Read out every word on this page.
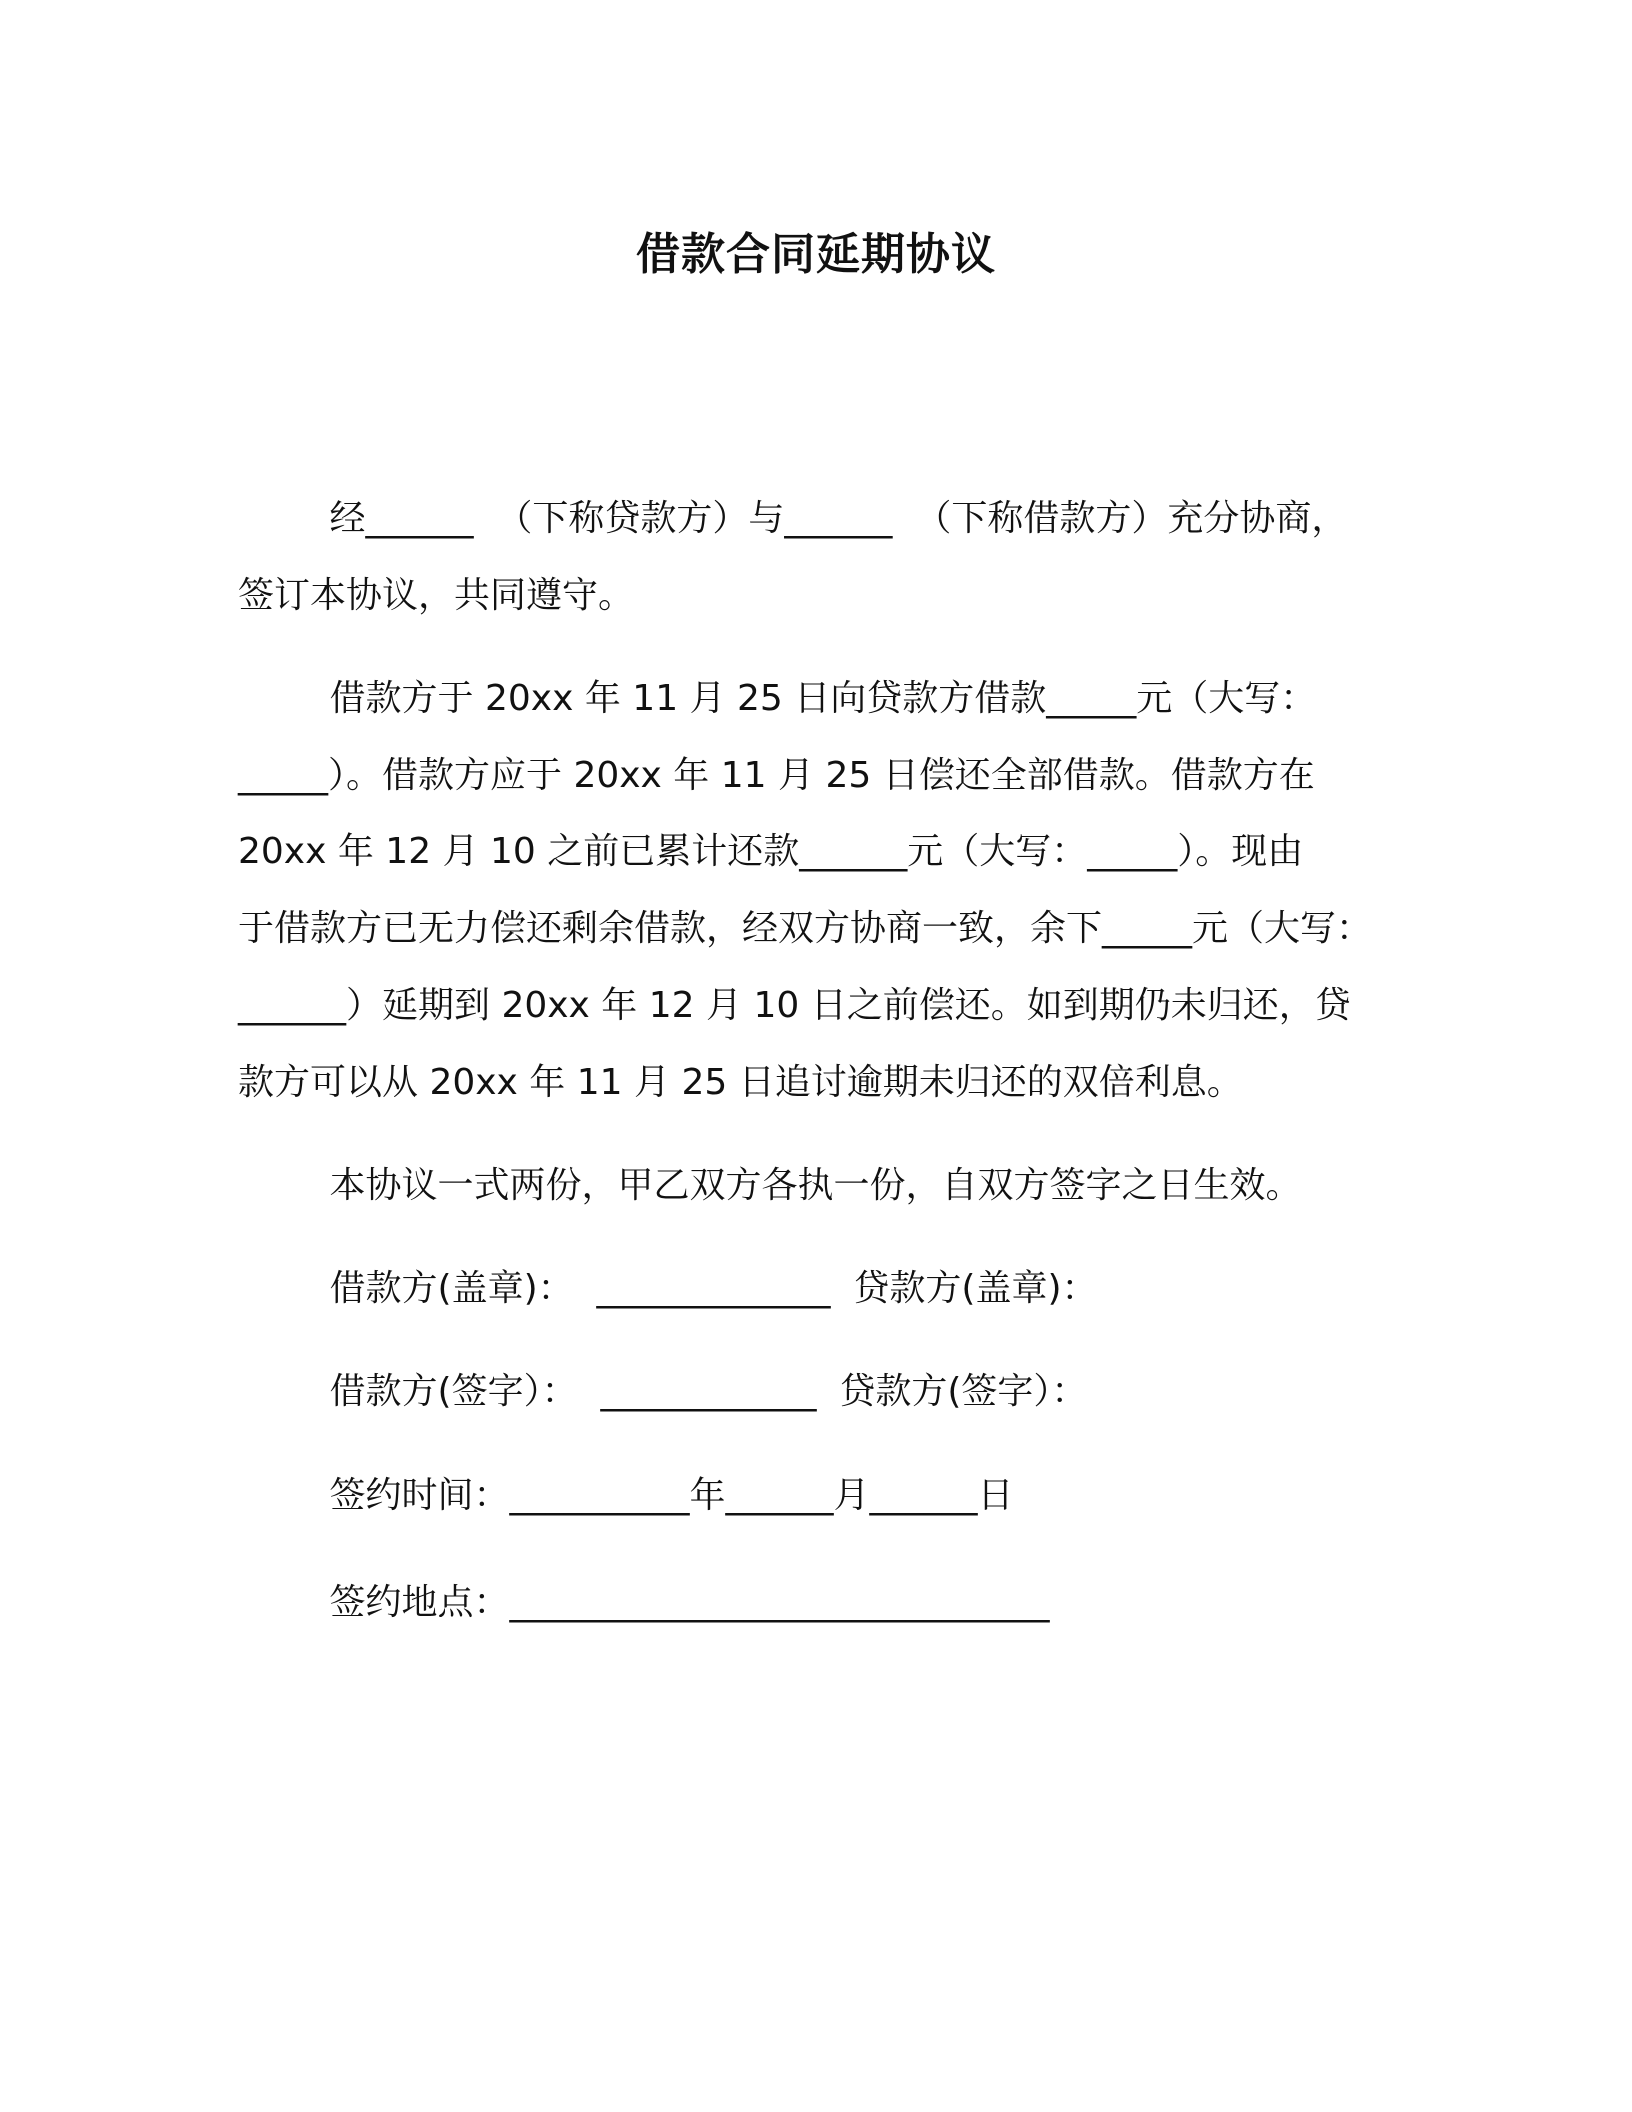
借款合同延期协议

经______  （下称贷款方）与______  （下称借款方）充分协商，

签订本协议，共同遵守。

借款方于 20xx 年 11 月 25 日向贷款方借款_____元（大写：

_____）。借款方应于 20xx 年 11 月 25 日偿还全部借款。借款方在

20xx 年 12 月 10 之前已累计还款______元（大写：_____）。现由

于借款方已无力偿还剩余借款，经双方协商一致，余下_____元（大写：

______）延期到 20xx 年 12 月 10 日之前偿还。如到期仍未归还，贷

款方可以从 20xx 年 11 月 25 日追讨逾期未归还的双倍利息。

本协议一式两份，甲乙双方各执一份，自双方签字之日生效。

借款方(盖章)：  _____________  贷款方(盖章)：

借款方(签字）：  ____________  贷款方(签字）：

签约时间：__________年______月______日

签约地点：______________________________
